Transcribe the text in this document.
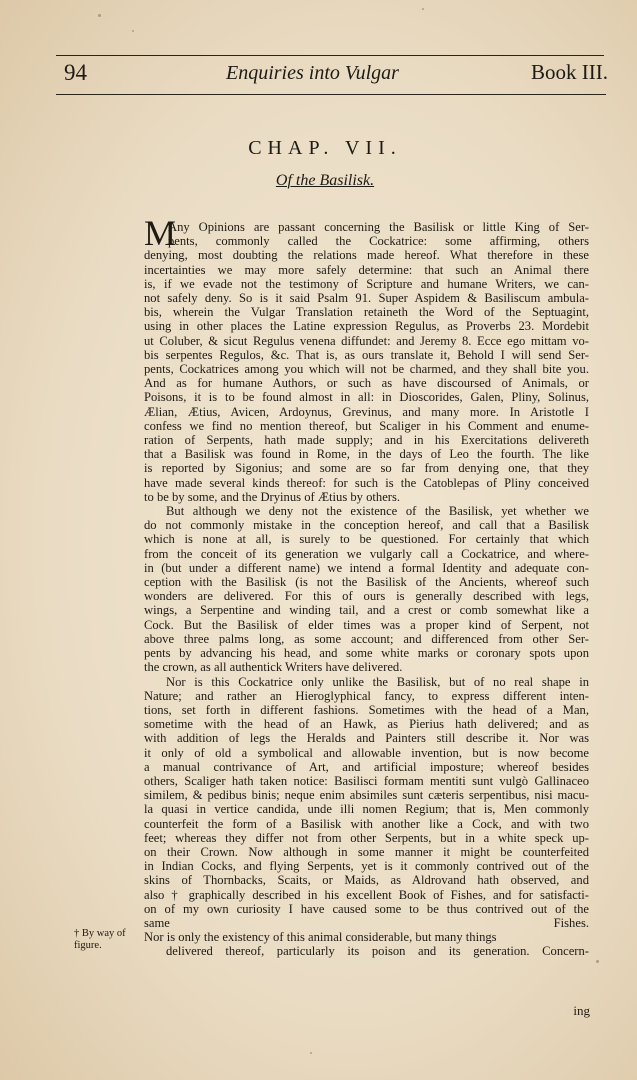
94	Enquiries into Vulgar	Book III.
CHAP. VII.
Of the Basilisk.
M
Any Opinions are passant concerning the Basilisk or little King of Ser-
pents, commonly called the Cockatrice: some affirming, others
denying, most doubting the relations made hereof. What therefore in these
incertainties we may more safely determine: that such an Animal there
is, if we evade not the testimony of Scripture and humane Writers, we can-
not safely deny. So is it said Psalm 91. Super Aspidem & Basiliscum ambula-
bis, wherein the Vulgar Translation retaineth the Word of the Septuagint,
using in other places the Latine expression Regulus, as Proverbs 23. Mordebit
ut Coluber, & sicut Regulus venena diffundet: and Jeremy 8. Ecce ego mittam vo-
bis serpentes Regulos, &c. That is, as ours translate it, Behold I will send Ser-
pents, Cockatrices among you which will not be charmed, and they shall bite you.
And as for humane Authors, or such as have discoursed of Animals, or
Poisons, it is to be found almost in all: in Dioscorides, Galen, Pliny, Solinus,
Ælian, Ætius, Avicen, Ardoynus, Grevinus, and many more. In Aristotle I
confess we find no mention thereof, but Scaliger in his Comment and enume-
ration of Serpents, hath made supply; and in his Exercitations delivereth
that a Basilisk was found in Rome, in the days of Leo the fourth. The like
is reported by Sigonius; and some are so far from denying one, that they
have made several kinds thereof: for such is the Catoblepas of Pliny conceived
to be by some, and the Dryinus of Ætius by others.
But although we deny not the existence of the Basilisk, yet whether we
do not commonly mistake in the conception hereof, and call that a Basilisk
which is none at all, is surely to be questioned. For certainly that which
from the conceit of its generation we vulgarly call a Cockatrice, and where-
in (but under a different name) we intend a formal Identity and adequate con-
ception with the Basilisk (is not the Basilisk of the Ancients, whereof such
wonders are delivered. For this of ours is generally described with legs,
wings, a Serpentine and winding tail, and a crest or comb somewhat like a
Cock. But the Basilisk of elder times was a proper kind of Serpent, not
above three palms long, as some account; and differenced from other Ser-
pents by advancing his head, and some white marks or coronary spots upon
the crown, as all authentick Writers have delivered.
Nor is this Cockatrice only unlike the Basilisk, but of no real shape in
Nature; and rather an Hieroglyphical fancy, to express different inten-
tions, set forth in different fashions. Sometimes with the head of a Man,
sometime with the head of an Hawk, as Pierius hath delivered; and as
with addition of legs the Heralds and Painters still describe it. Nor was
it only of old a symbolical and allowable invention, but is now become
a manual contrivance of Art, and artificial imposture; whereof besides
others, Scaliger hath taken notice: Basilisci formam mentiti sunt vulgò Gallinaceo
similem, & pedibus binis; neque enim absimiles sunt cæteris serpentibus, nisi macu-
la quasi in vertice candida, unde illi nomen Regium; that is, Men commonly
counterfeit the form of a Basilisk with another like a Cock, and with two
feet; whereas they differ not from other Serpents, but in a white speck up-
on their Crown. Now although in some manner it might be counterfeited
in Indian Cocks, and flying Serpents, yet is it commonly contrived out of the
skins of Thornbacks, Scaits, or Maids, as Aldrovand hath observed, and
also † graphically described in his excellent Book of Fishes, and for satisfacti-
on of my own curiosity I have caused some to be thus contrived out of the
same Fishes.
Nor is only the existency of this animal considerable, but many things
delivered thereof, particularly its poison and its generation. Concern-
† By way of figure.
ing
